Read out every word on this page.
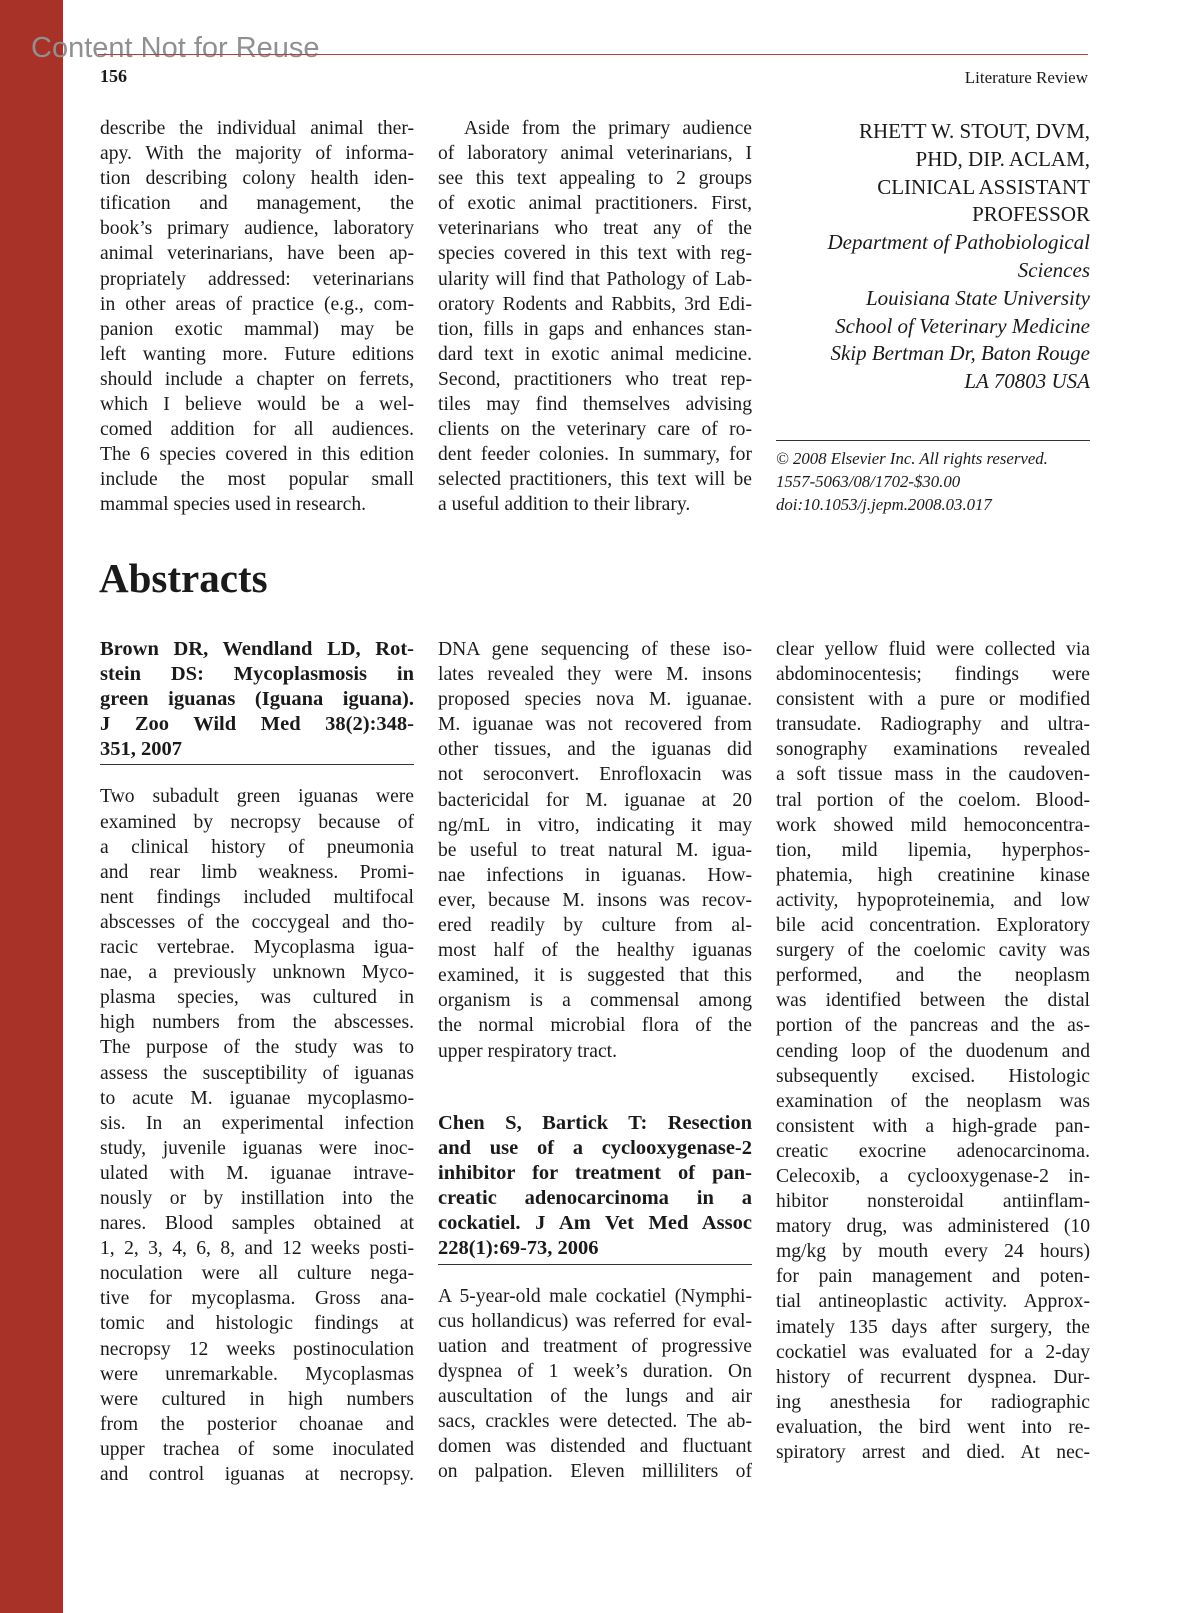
Content Not for Reuse
156	Literature Review

describe the individual animal ther-

apy. With the majority of informa-

tion describing colony health iden-

tification and management, the

book’s primary audience, laboratory

animal veterinarians, have been ap-

propriately addressed: veterinarians

in other areas of practice (e.g., com-

panion exotic mammal) may be

left wanting more. Future editions

should include a chapter on ferrets,

which I believe would be a wel-

comed addition for all audiences.

The 6 species covered in this edition

include the most popular small

mammal species used in research.

Aside from the primary audience

of laboratory animal veterinarians, I

see this text appealing to 2 groups

of exotic animal practitioners. First,

veterinarians who treat any of the

species covered in this text with reg-

ularity will find that Pathology of Lab-

oratory Rodents and Rabbits, 3rd Edi-

tion, fills in gaps and enhances stan-

dard text in exotic animal medicine.

Second, practitioners who treat rep-

tiles may find themselves advising

clients on the veterinary care of ro-

dent feeder colonies. In summary, for

selected practitioners, this text will be

a useful addition to their library.

RHETT W. STOUT, DVM,
PHD, DIP. ACLAM,
CLINICAL ASSISTANT
PROFESSOR
Department of Pathobiological
Sciences
Louisiana State University
School of Veterinary Medicine
Skip Bertman Dr, Baton Rouge
LA 70803 USA
© 2008 Elsevier Inc. All rights reserved.
1557-5063/08/1702-$30.00
doi:10.1053/j.jepm.2008.03.017
Abstracts

Brown DR, Wendland LD, Rot-

stein DS: Mycoplasmosis in

green iguanas (Iguana iguana).

J Zoo Wild Med 38(2):348-

351, 2007

Two subadult green iguanas were

examined by necropsy because of

a clinical history of pneumonia

and rear limb weakness. Promi-

nent findings included multifocal

abscesses of the coccygeal and tho-

racic vertebrae. Mycoplasma igua-

nae, a previously unknown Myco-

plasma species, was cultured in

high numbers from the abscesses.

The purpose of the study was to

assess the susceptibility of iguanas

to acute M. iguanae mycoplasmo-

sis. In an experimental infection

study, juvenile iguanas were inoc-

ulated with M. iguanae intrave-

nously or by instillation into the

nares. Blood samples obtained at

1, 2, 3, 4, 6, 8, and 12 weeks posti-

noculation were all culture nega-

tive for mycoplasma. Gross ana-

tomic and histologic findings at

necropsy 12 weeks postinoculation

were unremarkable. Mycoplasmas

were cultured in high numbers

from the posterior choanae and

upper trachea of some inoculated

and control iguanas at necropsy.

DNA gene sequencing of these iso-

lates revealed they were M. insons

proposed species nova M. iguanae.

M. iguanae was not recovered from

other tissues, and the iguanas did

not seroconvert. Enrofloxacin was

bactericidal for M. iguanae at 20

ng/mL in vitro, indicating it may

be useful to treat natural M. igua-

nae infections in iguanas. How-

ever, because M. insons was recov-

ered readily by culture from al-

most half of the healthy iguanas

examined, it is suggested that this

organism is a commensal among

the normal microbial flora of the

upper respiratory tract.

Chen S, Bartick T: Resection

and use of a cyclooxygenase-2

inhibitor for treatment of pan-

creatic adenocarcinoma in a

cockatiel. J Am Vet Med Assoc

228(1):69-73, 2006

A 5-year-old male cockatiel (Nymphi-

cus hollandicus) was referred for eval-

uation and treatment of progressive

dyspnea of 1 week’s duration. On

auscultation of the lungs and air

sacs, crackles were detected. The ab-

domen was distended and fluctuant

on palpation. Eleven milliliters of

clear yellow fluid were collected via

abdominocentesis; findings were

consistent with a pure or modified

transudate. Radiography and ultra-

sonography examinations revealed

a soft tissue mass in the caudoven-

tral portion of the coelom. Blood-

work showed mild hemoconcentra-

tion, mild lipemia, hyperphos-

phatemia, high creatinine kinase

activity, hypoproteinemia, and low

bile acid concentration. Exploratory

surgery of the coelomic cavity was

performed, and the neoplasm

was identified between the distal

portion of the pancreas and the as-

cending loop of the duodenum and

subsequently excised. Histologic

examination of the neoplasm was

consistent with a high-grade pan-

creatic exocrine adenocarcinoma.

Celecoxib, a cyclooxygenase-2 in-

hibitor nonsteroidal antiinflam-

matory drug, was administered (10

mg/kg by mouth every 24 hours)

for pain management and poten-

tial antineoplastic activity. Approx-

imately 135 days after surgery, the

cockatiel was evaluated for a 2-day

history of recurrent dyspnea. Dur-

ing anesthesia for radiographic

evaluation, the bird went into re-

spiratory arrest and died. At nec-
